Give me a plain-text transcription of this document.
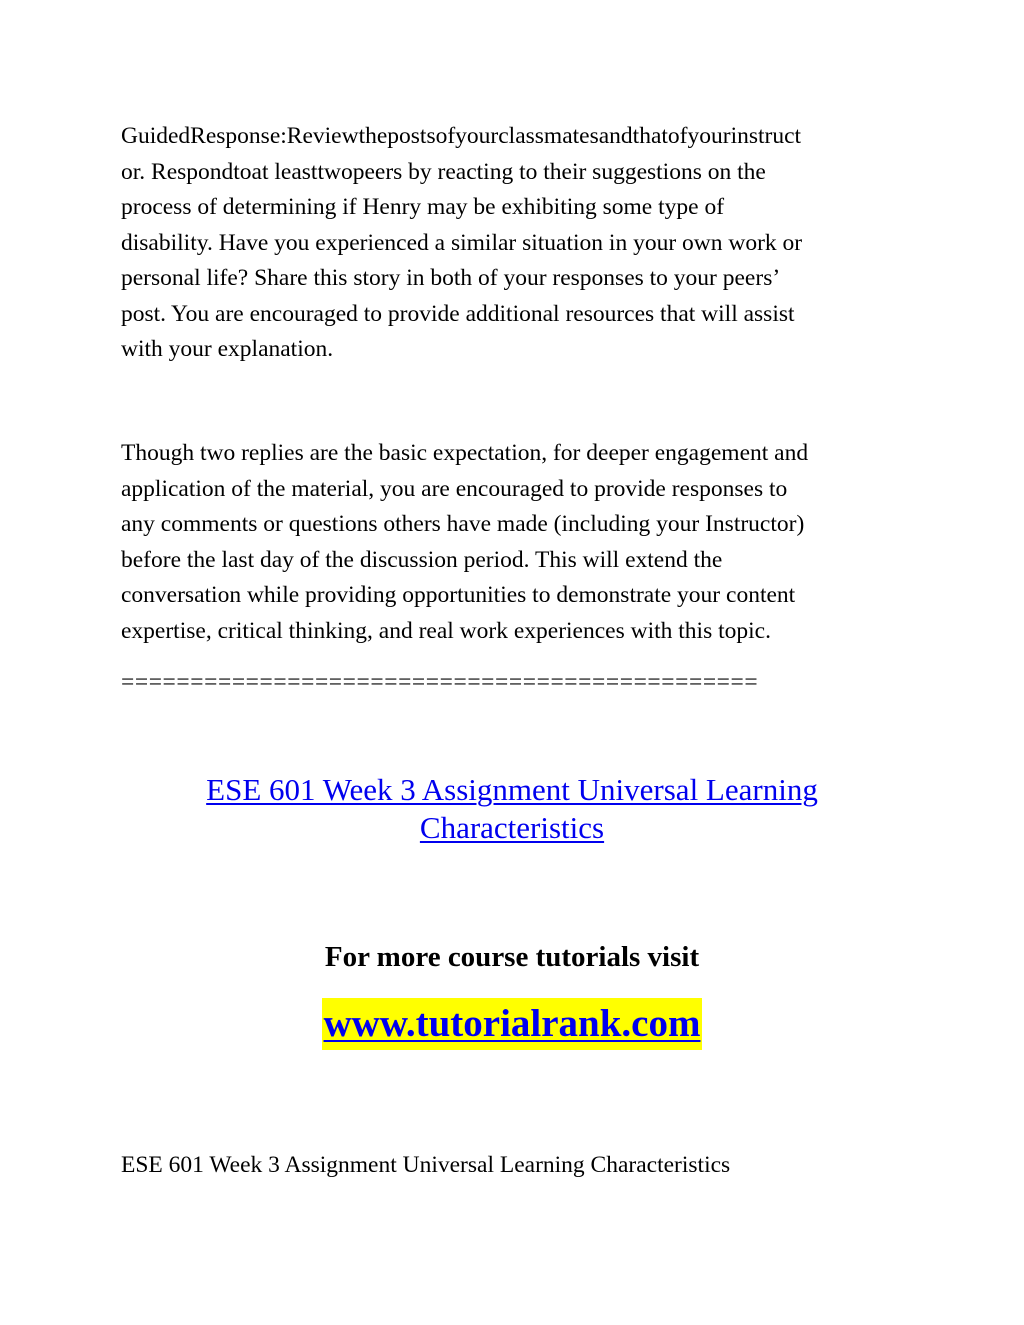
GuidedResponse:Reviewthepostsofyourclassmatesandthatofyourinstruct
or. Respondtoat leasttwopeers by reacting to their suggestions on the
process of determining if Henry may be exhibiting some type of
disability. Have you experienced a similar situation in your own work or
personal life? Share this story in both of your responses to your peers’
post. You are encouraged to provide additional resources that will assist
with your explanation.

Though two replies are the basic expectation, for deeper engagement and
application of the material, you are encouraged to provide responses to
any comments or questions others have made (including your Instructor)
before the last day of the discussion period. This will extend the
conversation while providing opportunities to demonstrate your content
expertise, critical thinking, and real work experiences with this topic.

==============================================
ESE 601 Week 3 Assignment Universal Learning
Characteristics
For more course tutorials visit
www.tutorialrank.com

ESE 601 Week 3 Assignment Universal Learning Characteristics
